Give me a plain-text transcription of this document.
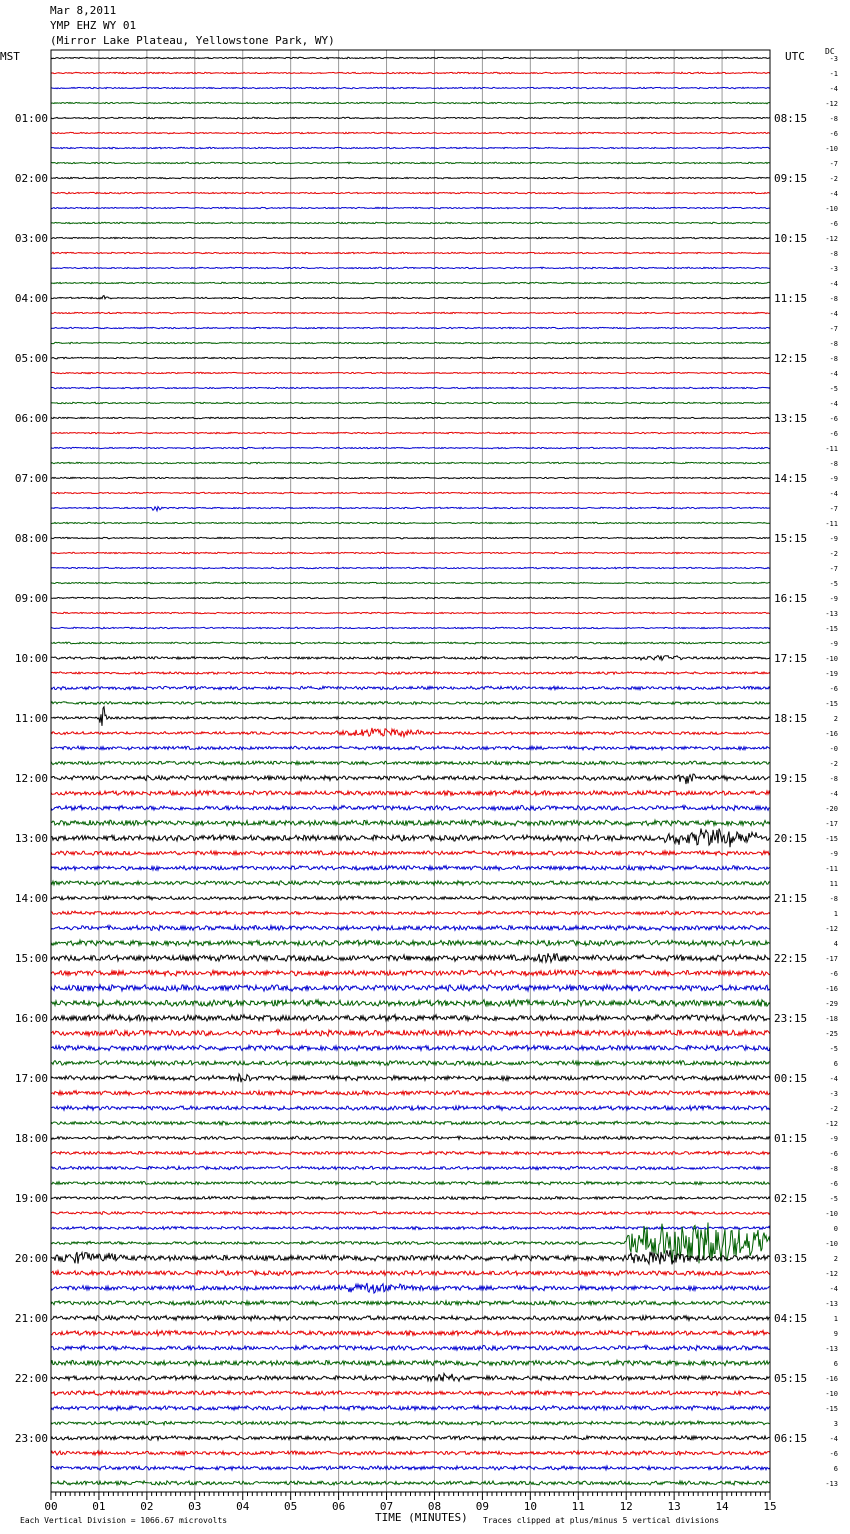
-3
-1
-4
-12
-8
-6
-10
-7
-2
-4
-10
-6
-12
-8
-3
-4
-8
-4
-7
-8
-8
-4
-5
-4
-6
-6
-11
-8
-9
-4
-7
-11
-9
-2
-7
-5
-9
-13
-15
-9
-10
-19
-6
-15
2
-16
-0
-2
-8
-4
-20
-17
-15
-9
-11
11
-8
1
-12
4
-17
-6
-16
-29
-18
-25
-5
6
-4
-3
-2
-12
-9
-6
-8
-6
-5
-10
0
-10
2
-12
-4
-13
1
9
-13
6
-16
-10
-15
3
-4
-6
6
-13
01:00	08:15
02:00	09:15
03:00	10:15
04:00	11:15
05:00	12:15
06:00	13:15
07:00	14:15
08:00	15:15
09:00	16:15
10:00	17:15
11:00	18:15
12:00	19:15
13:00	20:15
14:00	21:15
15:00	22:15
16:00	23:15
17:00	00:15
18:00	01:15
19:00	02:15
20:00	03:15
21:00	04:15
22:00	05:15
23:00	06:15
00	01	02	03	04	05	06	07	08	09	10	11	12	13	14	15
Mar 8,2011
YMP EHZ WY 01
(Mirror Lake Plateau, Yellowstone Park, WY)
MST	UTC	DC
TIME (MINUTES)
Each Vertical Division = 1066.67 microvolts	Traces clipped at plus/minus 5 vertical divisions
